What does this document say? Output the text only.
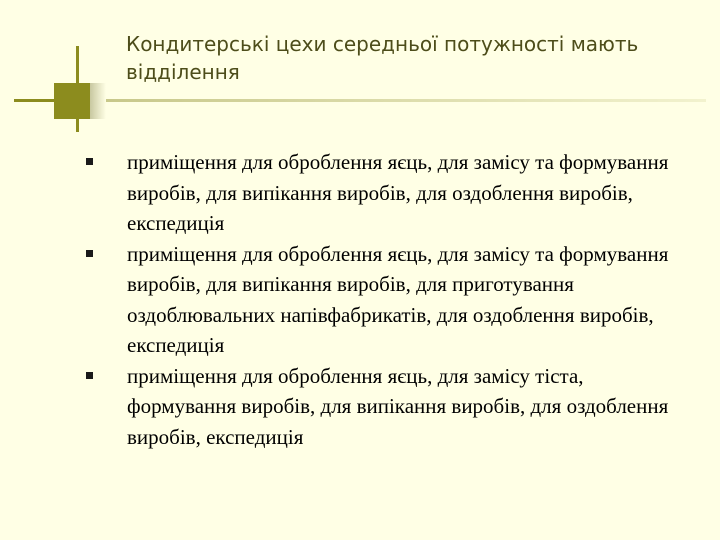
Кондитерські цехи середньої потужності мають відділення
приміщення для оброблення яєць, для замісу та формування виробів, для випікання виробів, для оздоблення виробів, експедиція
приміщення для оброблення яєць, для замісу та формування виробів, для випікання виробів, для приготування оздоблювальних напівфабрикатів, для оздоблення виробів, експедиція
приміщення для оброблення яєць, для замісу тіста, формування виробів, для випікання виробів, для оздоблення виробів, експедиція
